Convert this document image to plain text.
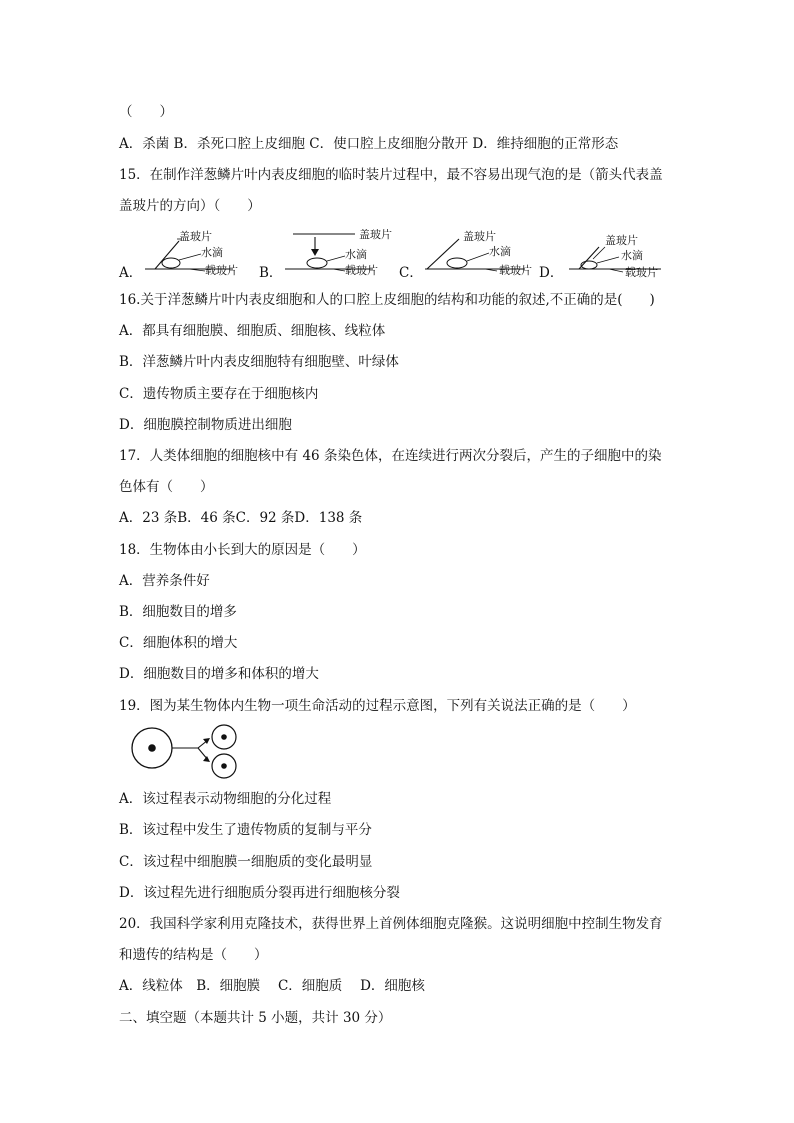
（　　）
A．杀菌 B．杀死口腔上皮细胞 C．使口腔上皮细胞分散开 D．维持细胞的正常形态
15．在制作洋葱鳞片叶内表皮细胞的临时装片过程中，最不容易出现气泡的是（箭头代表盖
盖玻片的方向）（　　）
A．
盖玻片
水滴
载玻片 B．
盖玻片
水滴
载玻片 C．
盖玻片
水滴
载玻片 D．
盖玻片
水滴
载玻片
16.关于洋葱鳞片叶内表皮细胞和人的口腔上皮细胞的结构和功能的叙述,不正确的是(　　)
A．都具有细胞膜、细胞质、细胞核、线粒体
B．洋葱鳞片叶内表皮细胞特有细胞壁、叶绿体
C．遗传物质主要存在于细胞核内
D．细胞膜控制物质进出细胞
17．人类体细胞的细胞核中有 46 条染色体，在连续进行两次分裂后，产生的子细胞中的染
色体有（　　）
A．23 条B．46 条C．92 条D．138 条
18．生物体由小长到大的原因是（　　）
A．营养条件好
B．细胞数目的增多
C．细胞体积的增大
D．细胞数目的增多和体积的增大
19．图为某生物体内生物一项生命活动的过程示意图，下列有关说法正确的是（　　）
A．该过程表示动物细胞的分化过程
B．该过程中发生了遗传物质的复制与平分
C．该过程中细胞膜一细胞质的变化最明显
D．该过程先进行细胞质分裂再进行细胞核分裂
20．我国科学家利用克隆技术，获得世界上首例体细胞克隆猴。这说明细胞中控制生物发育
和遗传的结构是（　　）
A．线粒体　B．细胞膜　 C．细胞质　 D．细胞核
二、填空题（本题共计 5 小题，共计 30 分）
